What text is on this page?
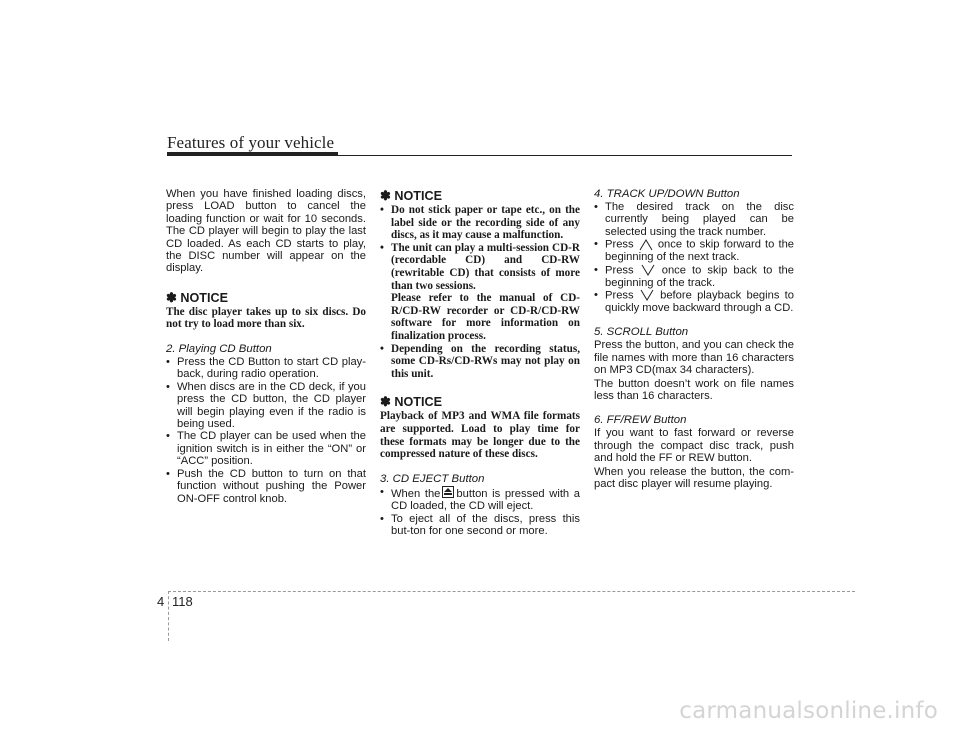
Features of your vehicle

When you have finished loading discs, press LOAD button to cancel the loading function or wait for 10 seconds. The CD player will begin to play the last CD loaded. As each CD starts to play, the DISC number will appear on the display.

✽ NOTICE

The disc player takes up to six discs. Do not try to load more than six.

2. Playing CD Button
• Press the CD Button to start CD play-back, during radio operation.
• When discs are in the CD deck, if you press the CD button, the CD player will begin playing even if the radio is being used.
• The CD player can be used when the ignition switch is in either the “ON” or “ACC” position.
• Push the CD button to turn on that function without pushing the Power ON-OFF control knob.
✽ NOTICE
• Do not stick paper or tape etc., on the label side or the recording side of any discs, as it may cause a malfunction.
• The unit can play a multi-session CD-R (recordable CD) and CD-RW (rewritable CD) that consists of more than two sessions.
Please refer to the manual of CD-R/CD-RW recorder or CD-R/CD-RW software for more information on finalization process.
• Depending on the recording status, some CD-Rs/CD-RWs may not play on this unit.
✽ NOTICE

Playback of MP3 and WMA file formats are supported. Load to play time for these formats may be longer due to the compressed nature of these discs.

3. CD EJECT Button
• When the button is pressed with a CD loaded, the CD will eject.
• To eject all of the discs, press this but-ton for one second or more.
4. TRACK UP/DOWN Button
• The desired track on the disc currently being played can be selected using the track number.
• Press once to skip forward to the beginning of the next track.
• Press	once to skip back to the beginning of the track.
• Press before playback begins to quickly move backward through a CD.
5. SCROLL Button

Press the button, and you can check the file names with more than 16 characters on MP3 CD(max 34 characters).

The button doesn’t work on file names less than 16 characters.

6. FF/REW Button

If you want to fast forward or reverse through the compact disc track, push and hold the FF or REW button.

When you release the button, the com-pact disc player will resume playing.

4 118
carmanualsonline.info
